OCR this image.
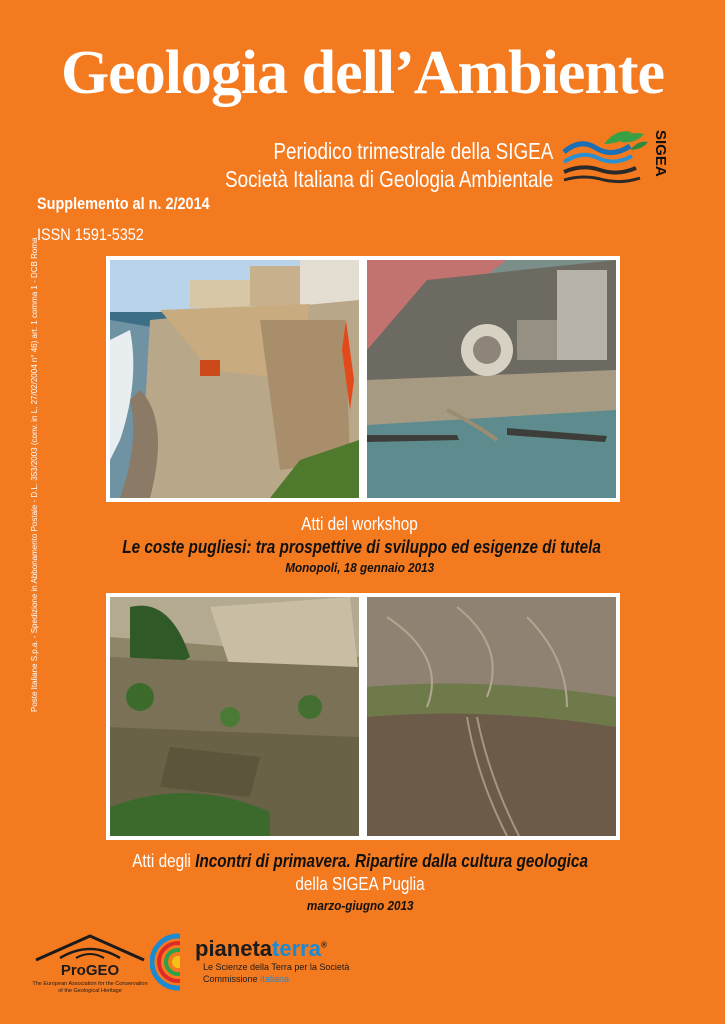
Geologia dell’Ambiente
Periodico trimestrale della SIGEA
Società Italiana di Geologia Ambientale
SIGEA
Supplemento al n. 2/2014
ISSN 1591-5352
Poste Italiane S.p.a. - Spedizione in Abbonamento Postale - D.L. 353/2003 (conv. in L. 27/02/2004 n° 46) art. 1 comma 1 - DCB Roma	Atti del workshop
Le coste pugliesi: tra prospettive di sviluppo ed esigenze di tutela
Monopoli, 18 gennaio 2013
Atti degli Incontri di primavera. Ripartire dalla cultura geologica
della SIGEA Puglia
marzo-giugno 2013
ProGEO
The European Association for the Conservation
of the Geological Heritage
pianetaterra®
Le Scienze della Terra per la Società
Commissione Italiana
